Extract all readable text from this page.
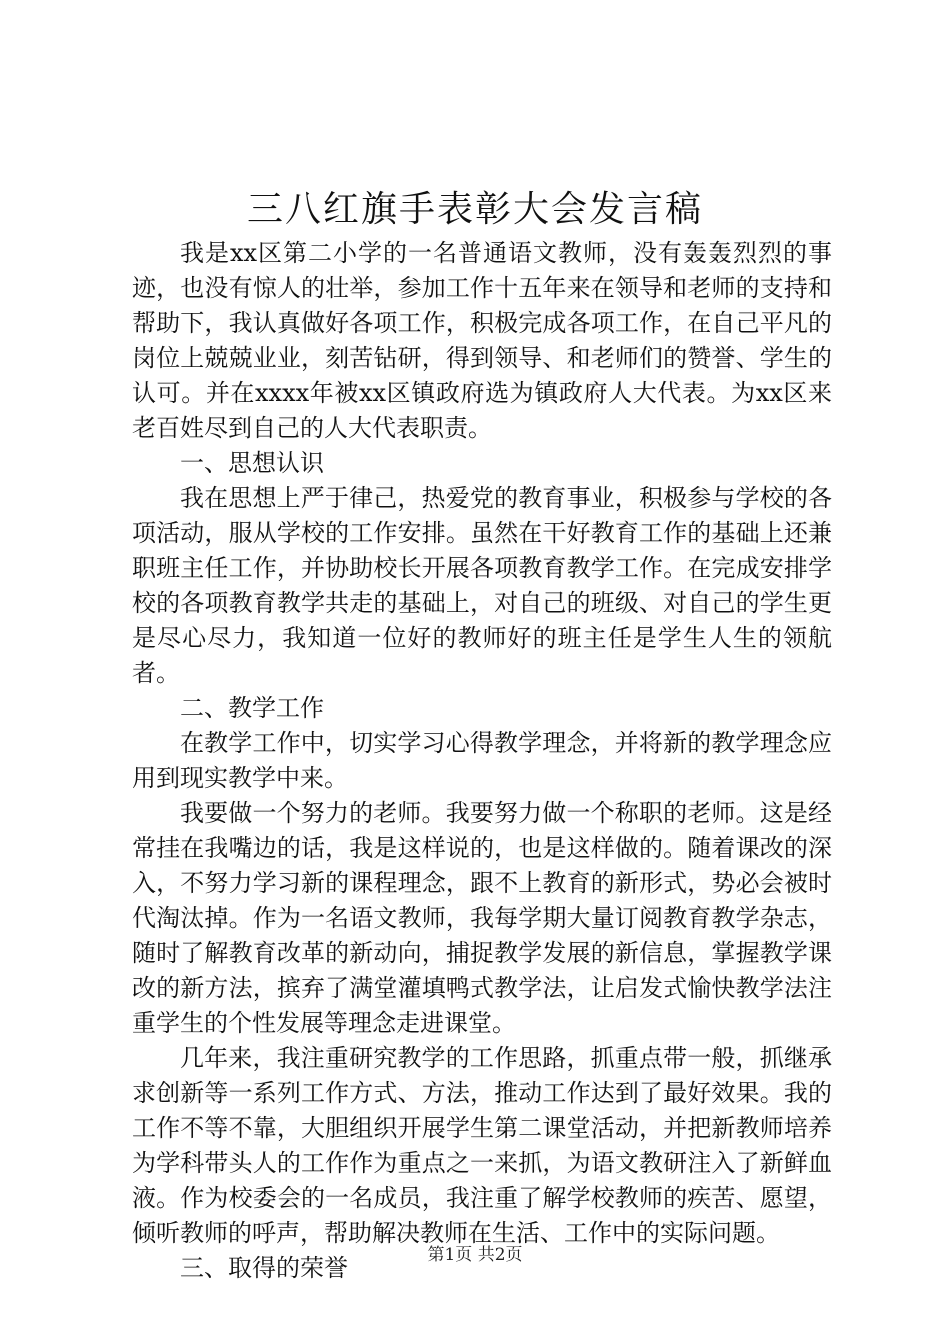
三八红旗手表彰大会发言稿

我是xx区第二小学的一名普通语文教师，没有轰轰烈烈的事迹，也没有惊人的壮举，参加工作十五年来在领导和老师的支持和帮助下，我认真做好各项工作，积极完成各项工作，在自己平凡的岗位上兢兢业业，刻苦钻研，得到领导、和老师们的赞誉、学生的认可。并在xxxx年被xx区镇政府选为镇政府人大代表。为xx区来老百姓尽到自己的人大代表职责。

一、思想认识

我在思想上严于律己，热爱党的教育事业，积极参与学校的各项活动，服从学校的工作安排。虽然在干好教育工作的基础上还兼职班主任工作，并协助校长开展各项教育教学工作。在完成安排学校的各项教育教学共走的基础上，对自己的班级、对自己的学生更是尽心尽力，我知道一位好的教师好的班主任是学生人生的领航者。

二、教学工作

在教学工作中，切实学习心得教学理念，并将新的教学理念应用到现实教学中来。

我要做一个努力的老师。我要努力做一个称职的老师。这是经常挂在我嘴边的话，我是这样说的，也是这样做的。随着课改的深入，不努力学习新的课程理念，跟不上教育的新形式，势必会被时代淘汰掉。作为一名语文教师，我每学期大量订阅教育教学杂志，随时了解教育改革的新动向，捕捉教学发展的新信息，掌握教学课改的新方法，摈弃了满堂灌填鸭式教学法，让启发式愉快教学法注重学生的个性发展等理念走进课堂。

几年来，我注重研究教学的工作思路，抓重点带一般，抓继承求创新等一系列工作方式、方法，推动工作达到了最好效果。我的工作不等不靠，大胆组织开展学生第二课堂活动，并把新教师培养为学科带头人的工作作为重点之一来抓，为语文教研注入了新鲜血液。作为校委会的一名成员，我注重了解学校教师的疾苦、愿望，倾听教师的呼声，帮助解决教师在生活、工作中的实际问题。

三、取得的荣誉	第1页 共2页
